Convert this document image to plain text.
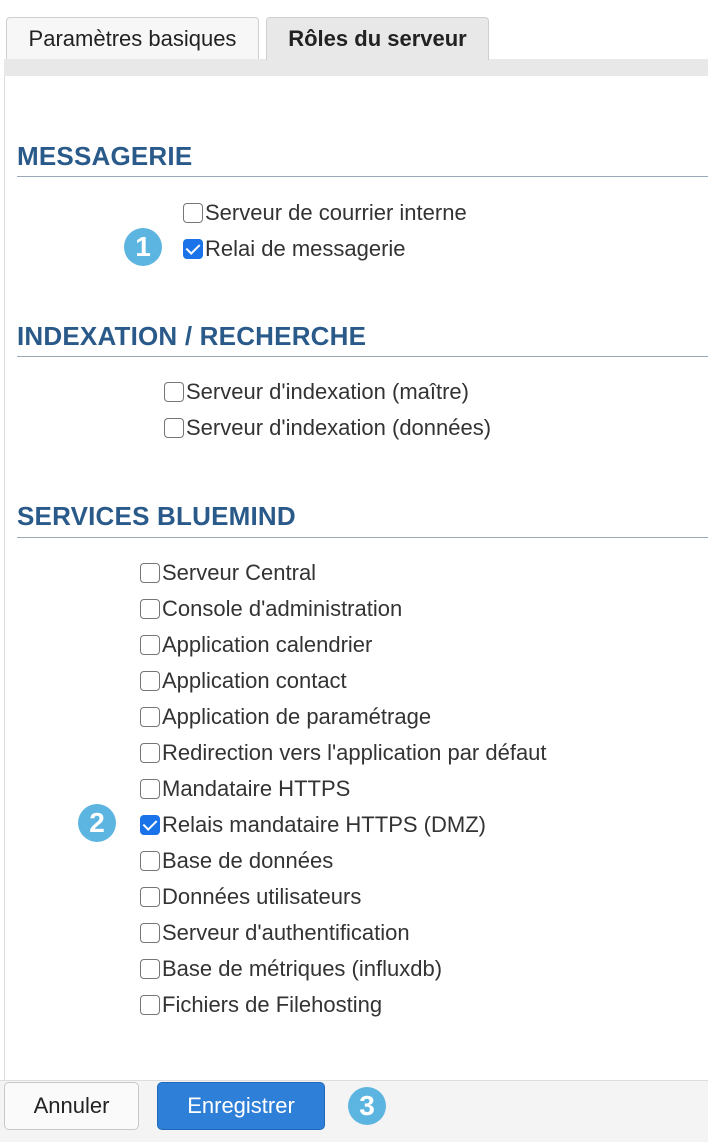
Paramètres basiques	Rôles du serveur
MESSAGERIE
Serveur de courrier interne
Relai de messagerie
1
INDEXATION / RECHERCHE
Serveur d'indexation (maître)
Serveur d'indexation (données)
SERVICES BLUEMIND
Serveur Central
Console d'administration
Application calendrier
Application contact
Application de paramétrage
Redirection vers l'application par défaut
Mandataire HTTPS
Relais mandataire HTTPS (DMZ)
2
Base de données
Données utilisateurs
Serveur d'authentification
Base de métriques (influxdb)
Fichiers de Filehosting
Annuler	Enregistrer	3
